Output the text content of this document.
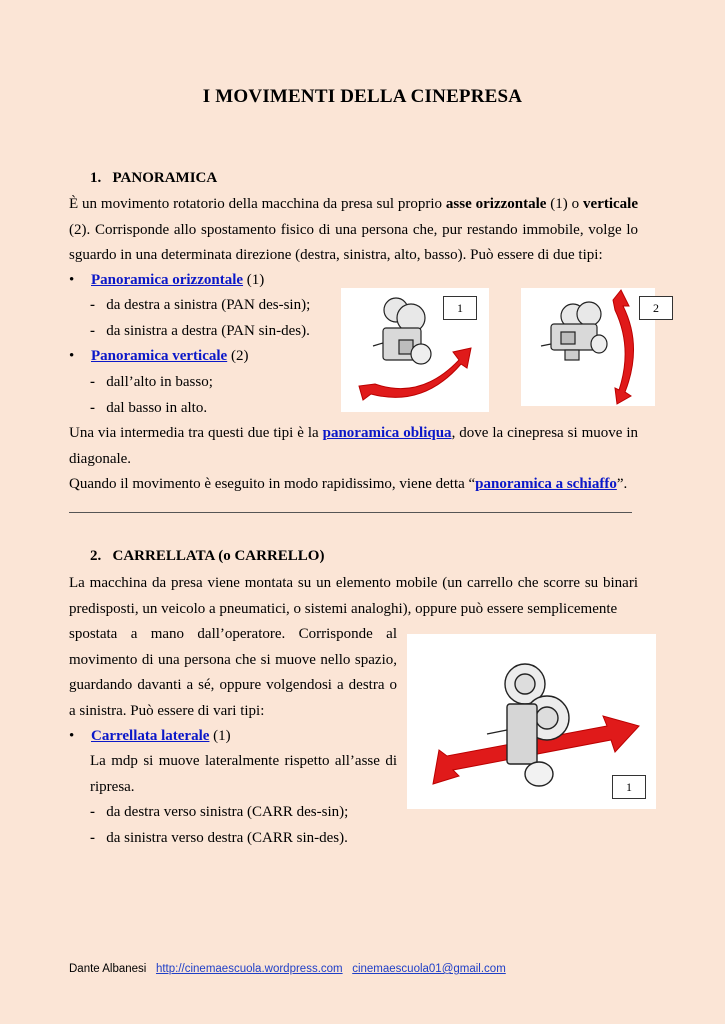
I MOVIMENTI DELLA CINEPRESA
1.   PANORAMICA
È un movimento rotatorio della macchina da presa sul proprio asse orizzontale (1) o verticale (2). Corrisponde allo spostamento fisico di una persona che, pur restando immobile, volge lo sguardo in una determinata direzione (destra, sinistra, alto, basso). Può essere di due tipi:
• Panoramica orizzontale (1)
- da destra a sinistra (PAN des-sin);
- da sinistra a destra (PAN sin-des).
• Panoramica verticale (2)
- dall’alto in basso;
- dal basso in alto.
1	2
Una via intermedia tra questi due tipi è la panoramica obliqua, dove la cinepresa si muove in diagonale.
Quando il movimento è eseguito in modo rapidissimo, viene detta “panoramica a schiaffo”.
2.   CARRELLATA (o CARRELLO)
La macchina da presa viene montata su un elemento mobile (un carrello che scorre su binari predisposti, un veicolo a pneumatici, o sistemi analoghi), oppure può essere semplicemente
spostata a mano dall’operatore. Corrisponde al movimento di una persona che si muove nello spazio, guardando davanti a sé, oppure volgendosi a destra o a sinistra. Può essere di vari tipi:
• Carrellata laterale (1)
La mdp si muove lateralmente rispetto all’asse di ripresa.
- da destra verso sinistra (CARR des-sin);
- da sinistra verso destra (CARR sin-des).
1
Dante Albanesi http://cinemaescuola.wordpress.com cinemaescuola01@gmail.com
